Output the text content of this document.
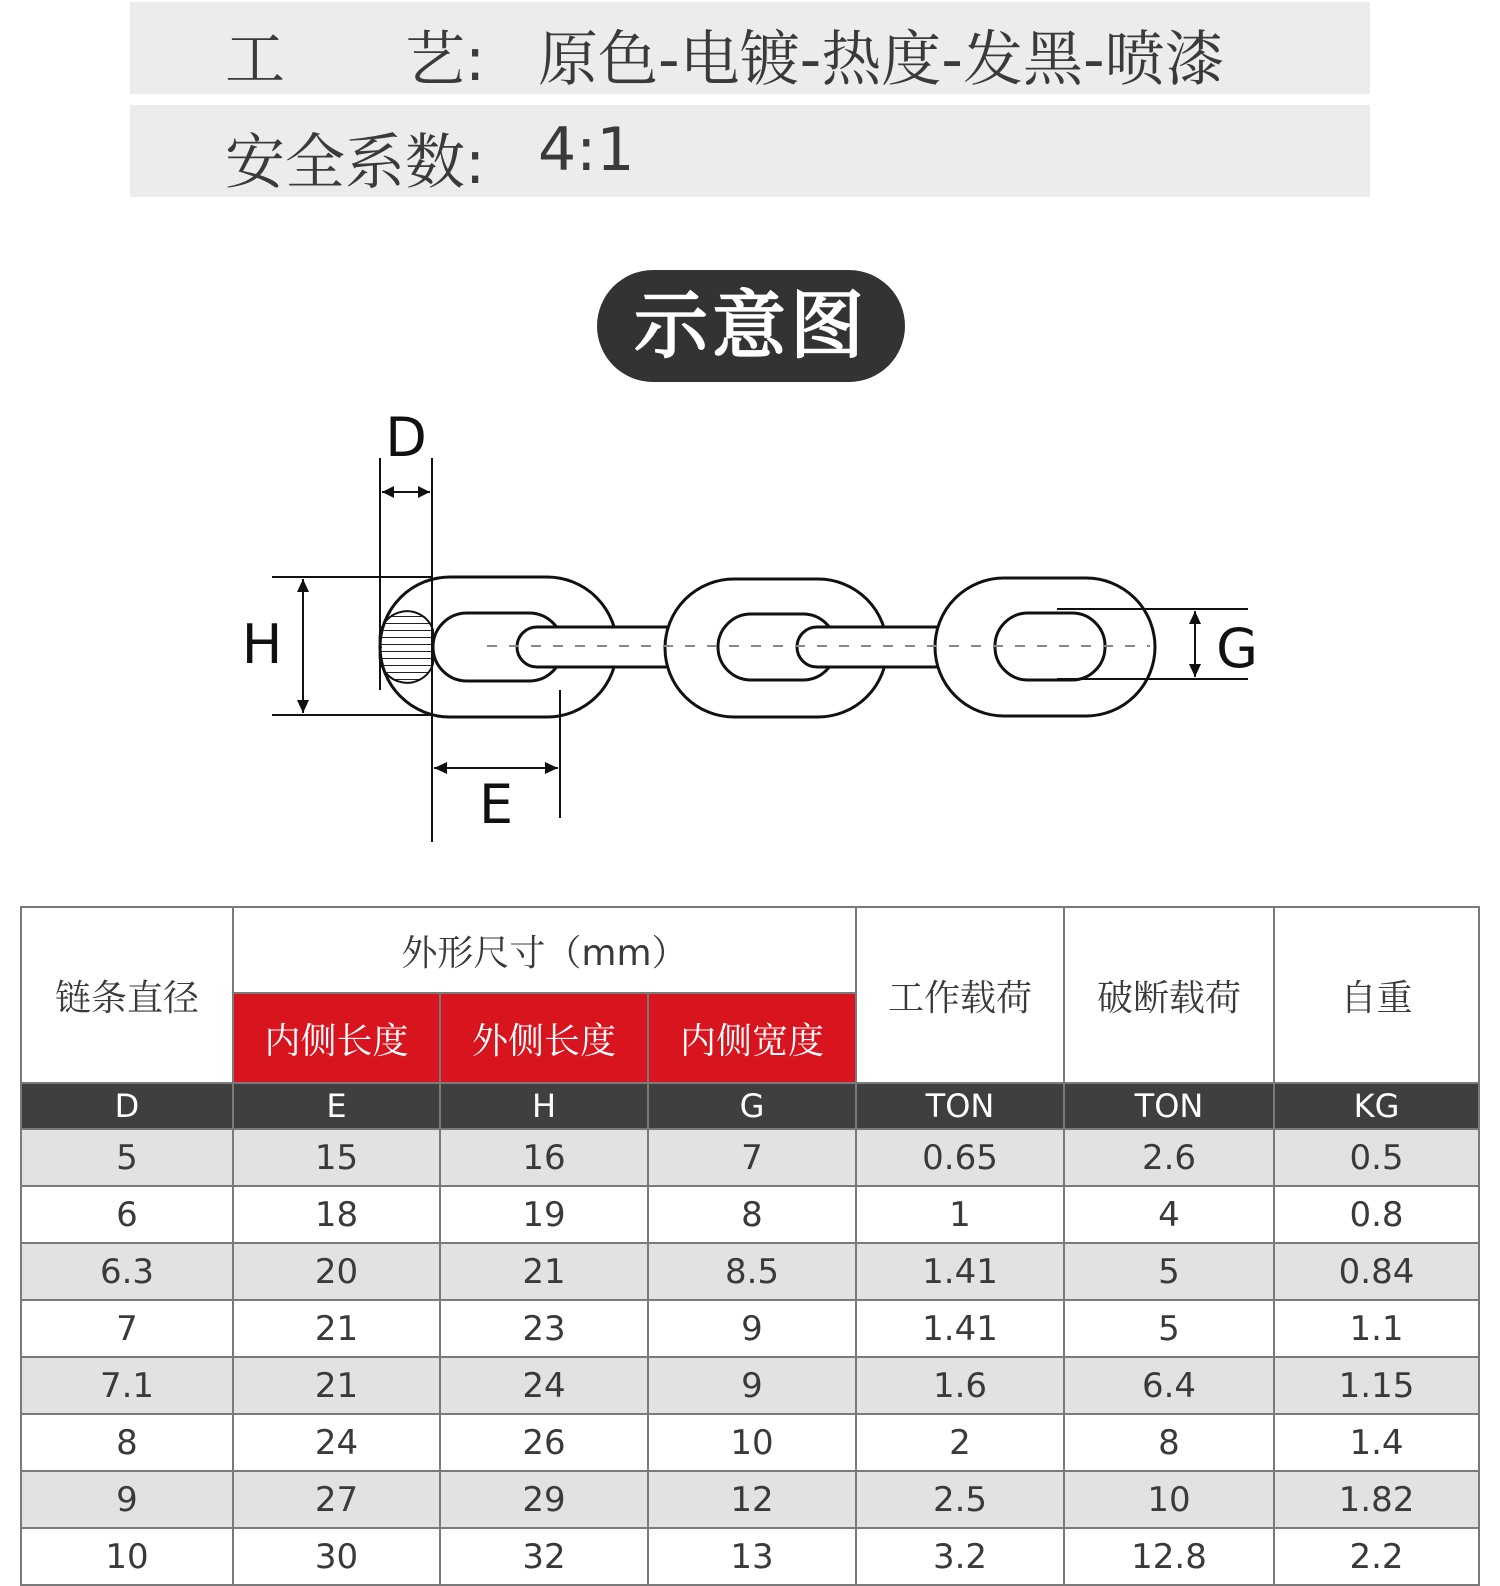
工 艺: 原色-电镀-热度-发黑-喷漆
安全系数: 4:1
示意图
D
H
E
G
链条直径	外形尺寸（mm）			工作载荷	破断载荷	自重
	内侧长度	外侧长度	内侧宽度			
D	E	H	G	TON	TON	KG
5	15	16	7	0.65	2.6	0.5
6	18	19	8	1	4	0.8
6.3	20	21	8.5	1.41	5	0.84
7	21	23	9	1.41	5	1.1
7.1	21	24	9	1.6	6.4	1.15
8	24	26	10	2	8	1.4
9	27	29	12	2.5	10	1.82
10	30	32	13	3.2	12.8	2.2
